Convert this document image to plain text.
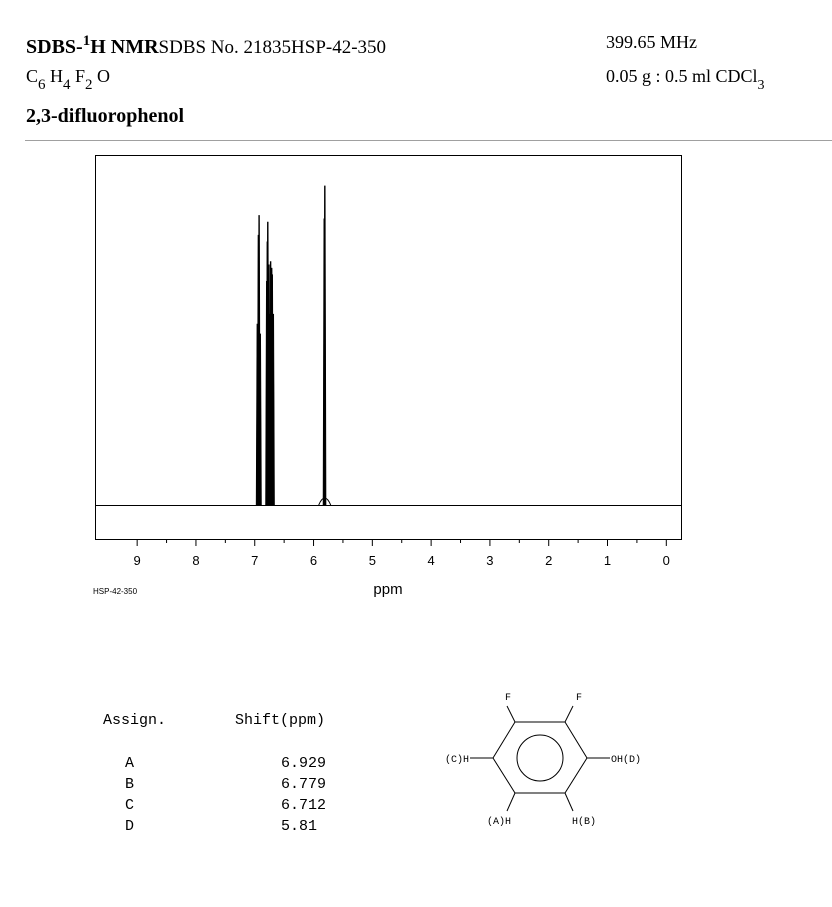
SDBS-$^1$H NMRSDBS No. 21835HSP-42-350
$C_6$ $H_4$ $F_2$ O
2,3-difluorophenol
399.65 MHz
0.05 g : 0.5 ml CDCl$_3$
9	8	7	6	5	4	3	2	1	0
ppm
HSP-42-350
Assign.	Shift(ppm)
A	6.929
B	6.779
C	6.712
D	5.81
F	F
(C)H	OH(D)
(A)H	H(B)
